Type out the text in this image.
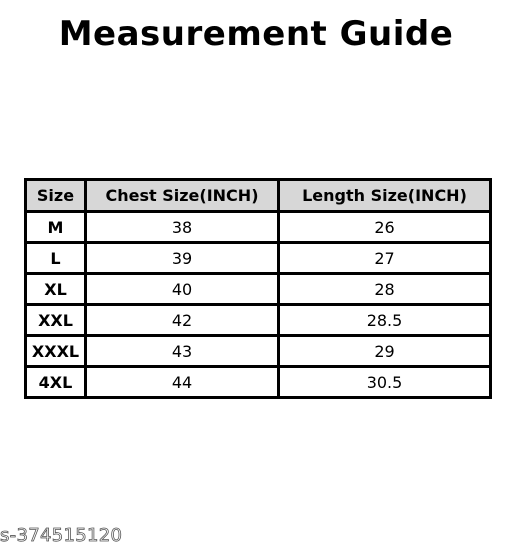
Measurement Guide
Size	Chest Size(INCH)	Length Size(INCH)
M	38	26
L	39	27
XL	40	28
XXL	42	28.5
XXXL	43	29
4XL	44	30.5
s-374515120
